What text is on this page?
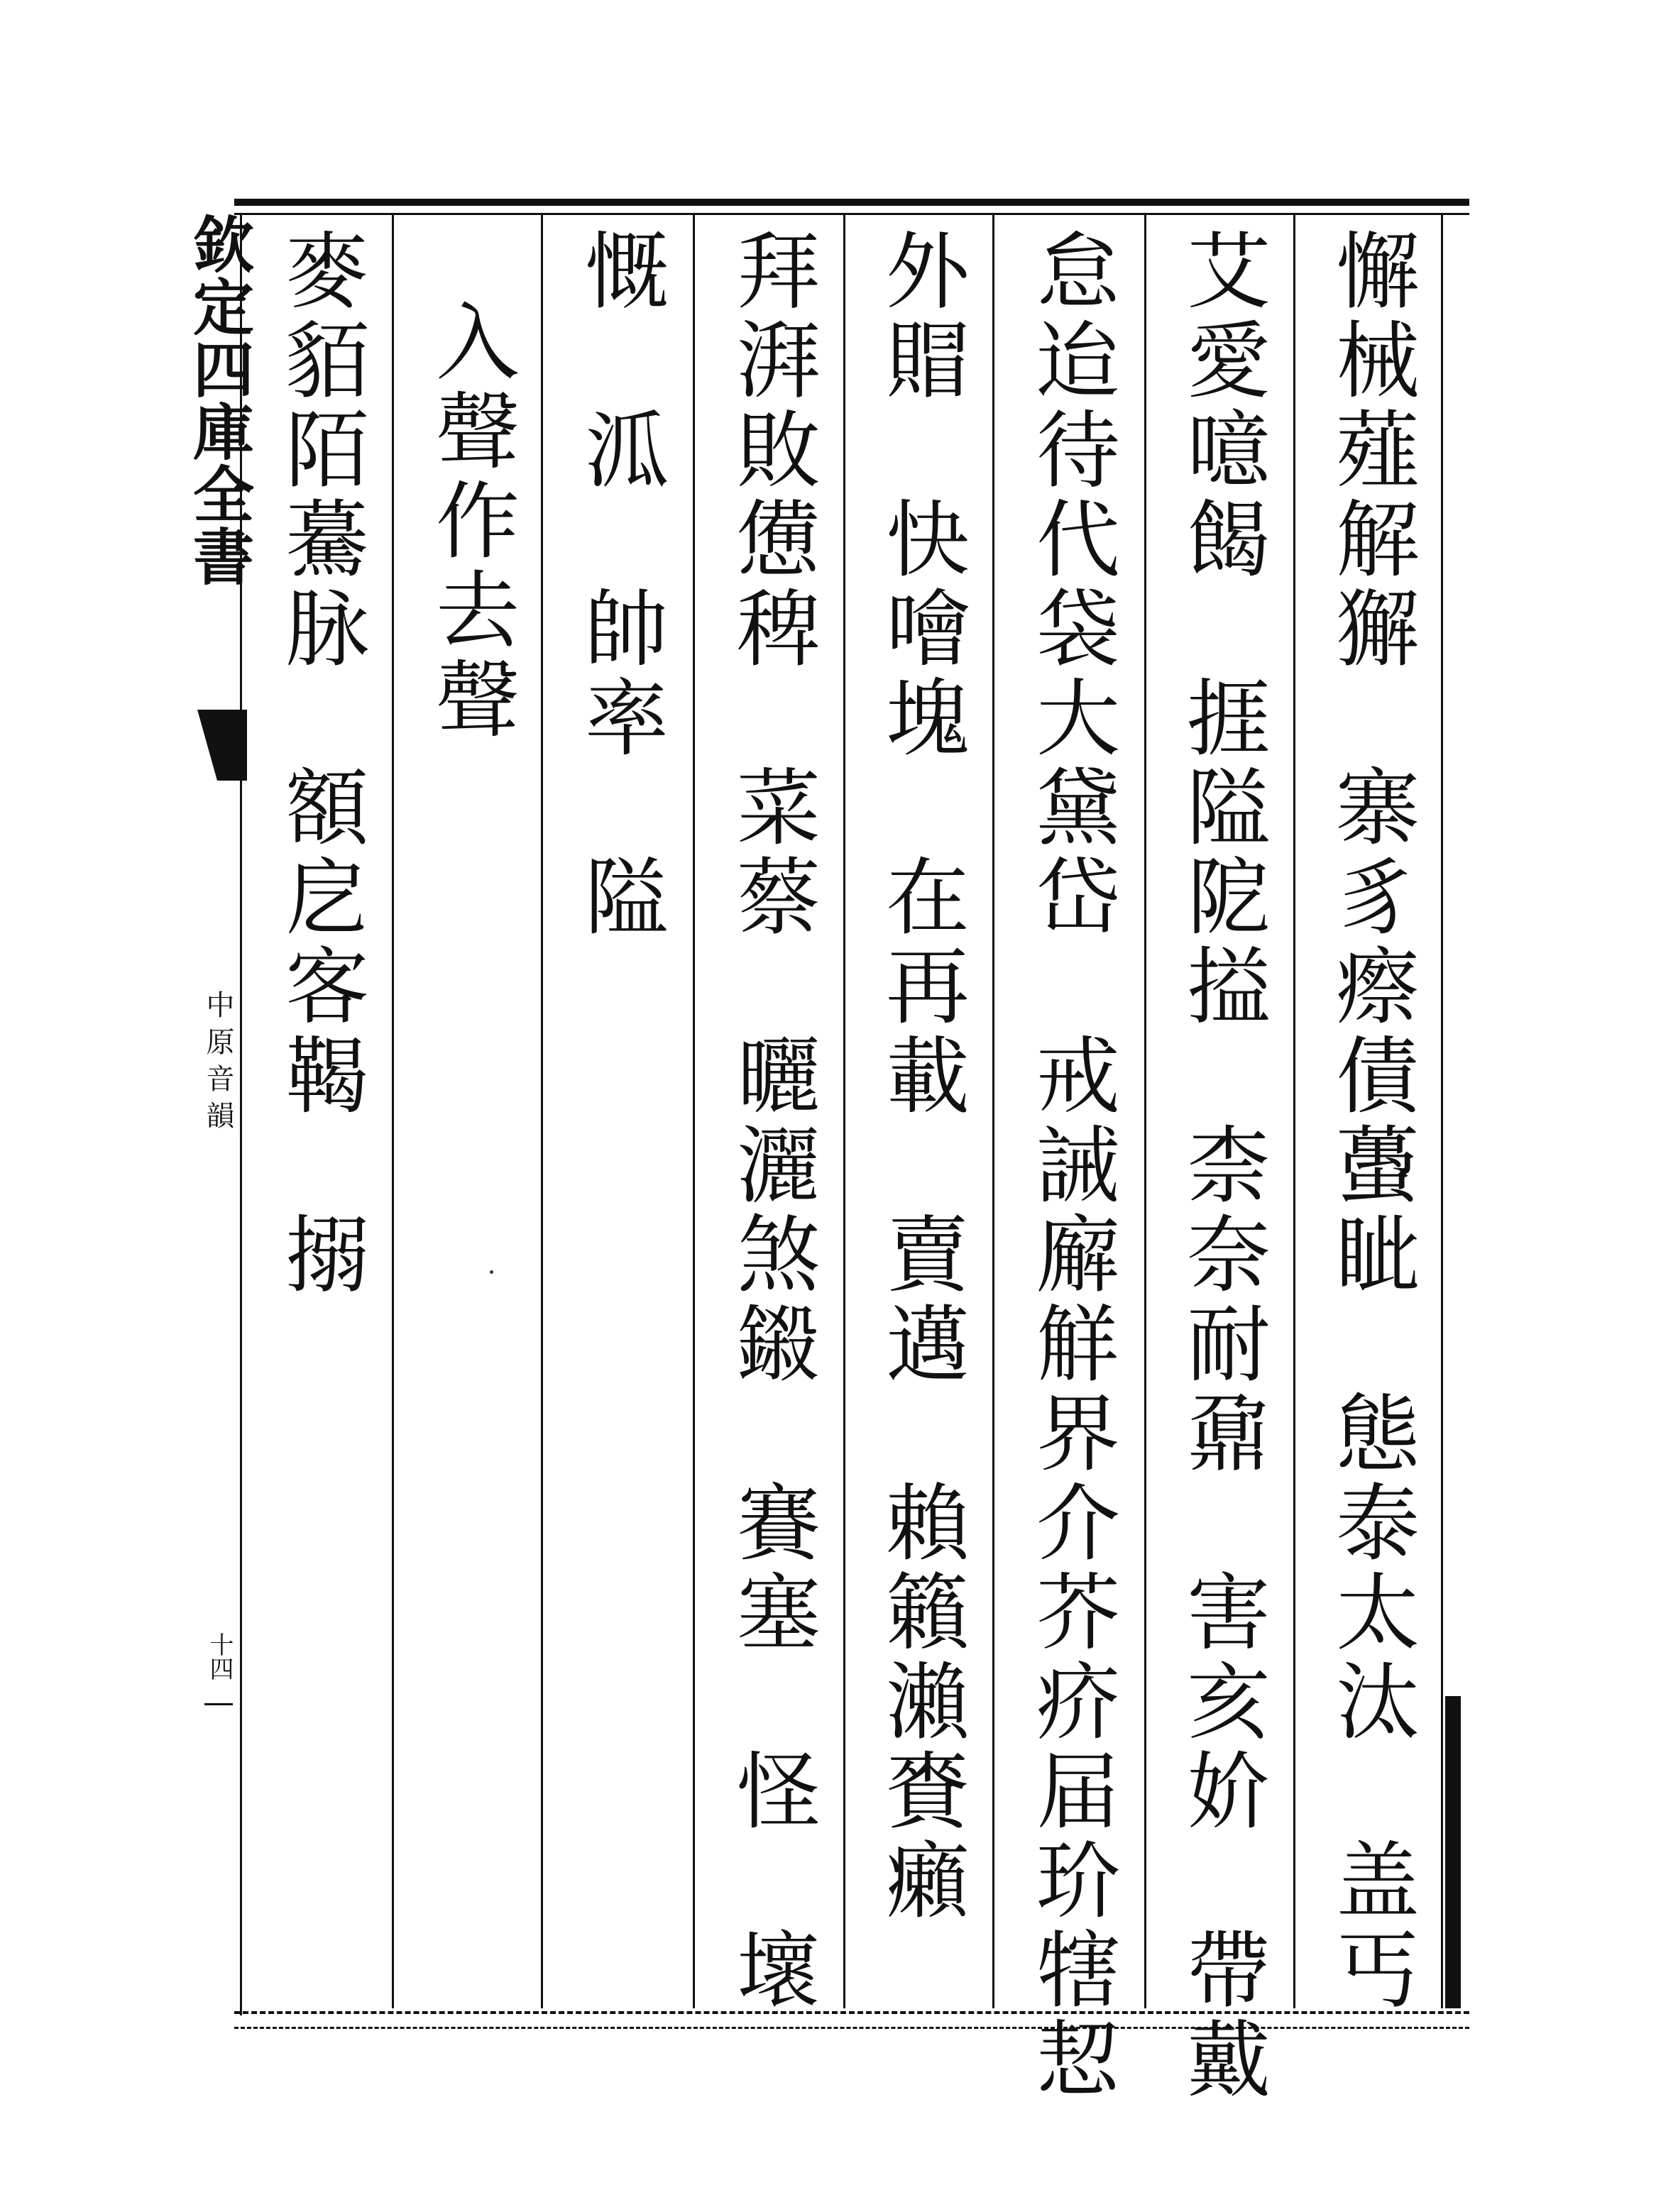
欽定四庫全書
中原音韻
十四	懈械薤解獬　寨豸瘵債蠆眦　態泰太汰　盖丐
艾愛噫餲　捱隘阸搤　柰奈耐鼐　害亥妎　帶戴
怠迨待代袋大黛岱　戒誡廨觧界介芥疥届玠犗恝
外賵　快噲塊　在再載　賣邁　賴籟瀨賚癩
拜湃敗憊稗　菜蔡　曬灑煞鎩　賽塞　怪　壞
慨　泒　帥率　隘
入聲作去聲
麥貊陌驀脉　額戹客鞨　搦
